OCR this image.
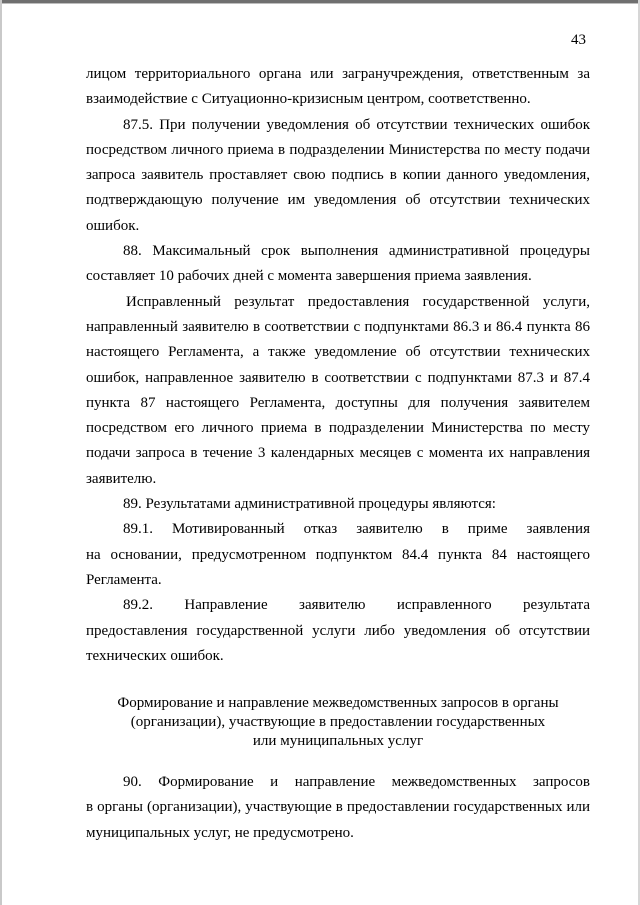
43

лицом территориального органа или загранучреждения, ответственным за

взаимодействие с Ситуационно-кризисным центром, соответственно.

87.5. При получении уведомления об отсутствии технических ошибок

посредством личного приема в подразделении Министерства по месту подачи

запроса заявитель проставляет свою подпись в копии данного уведомления,

подтверждающую получение им уведомления об отсутствии технических

ошибок.

88. Максимальный срок выполнения административной процедуры

составляет 10 рабочих дней с момента завершения приема заявления.

Исправленный результат предоставления государственной услуги,

направленный заявителю в соответствии с подпунктами 86.3 и 86.4 пункта 86

настоящего Регламента, а также уведомление об отсутствии технических

ошибок, направленное заявителю в соответствии с подпунктами 87.3 и 87.4

пункта 87 настоящего Регламента, доступны для получения заявителем

посредством его личного приема в подразделении Министерства по месту

подачи запроса в течение 3 календарных месяцев с момента их направления

заявителю.

89. Результатами административной процедуры являются:

89.1. Мотивированный отказ заявителю в приме заявления

на основании, предусмотренном подпунктом 84.4 пункта 84 настоящего

Регламента.

89.2. Направление заявителю исправленного результата

предоставления государственной услуги либо уведомления об отсутствии

технических ошибок.

Формирование и направление межведомственных запросов в органы
(организации), участвующие в предоставлении государственных
или муниципальных услуг

90. Формирование и направление межведомственных запросов

в органы (организации), участвующие в предоставлении государственных или

муниципальных услуг, не предусмотрено.
